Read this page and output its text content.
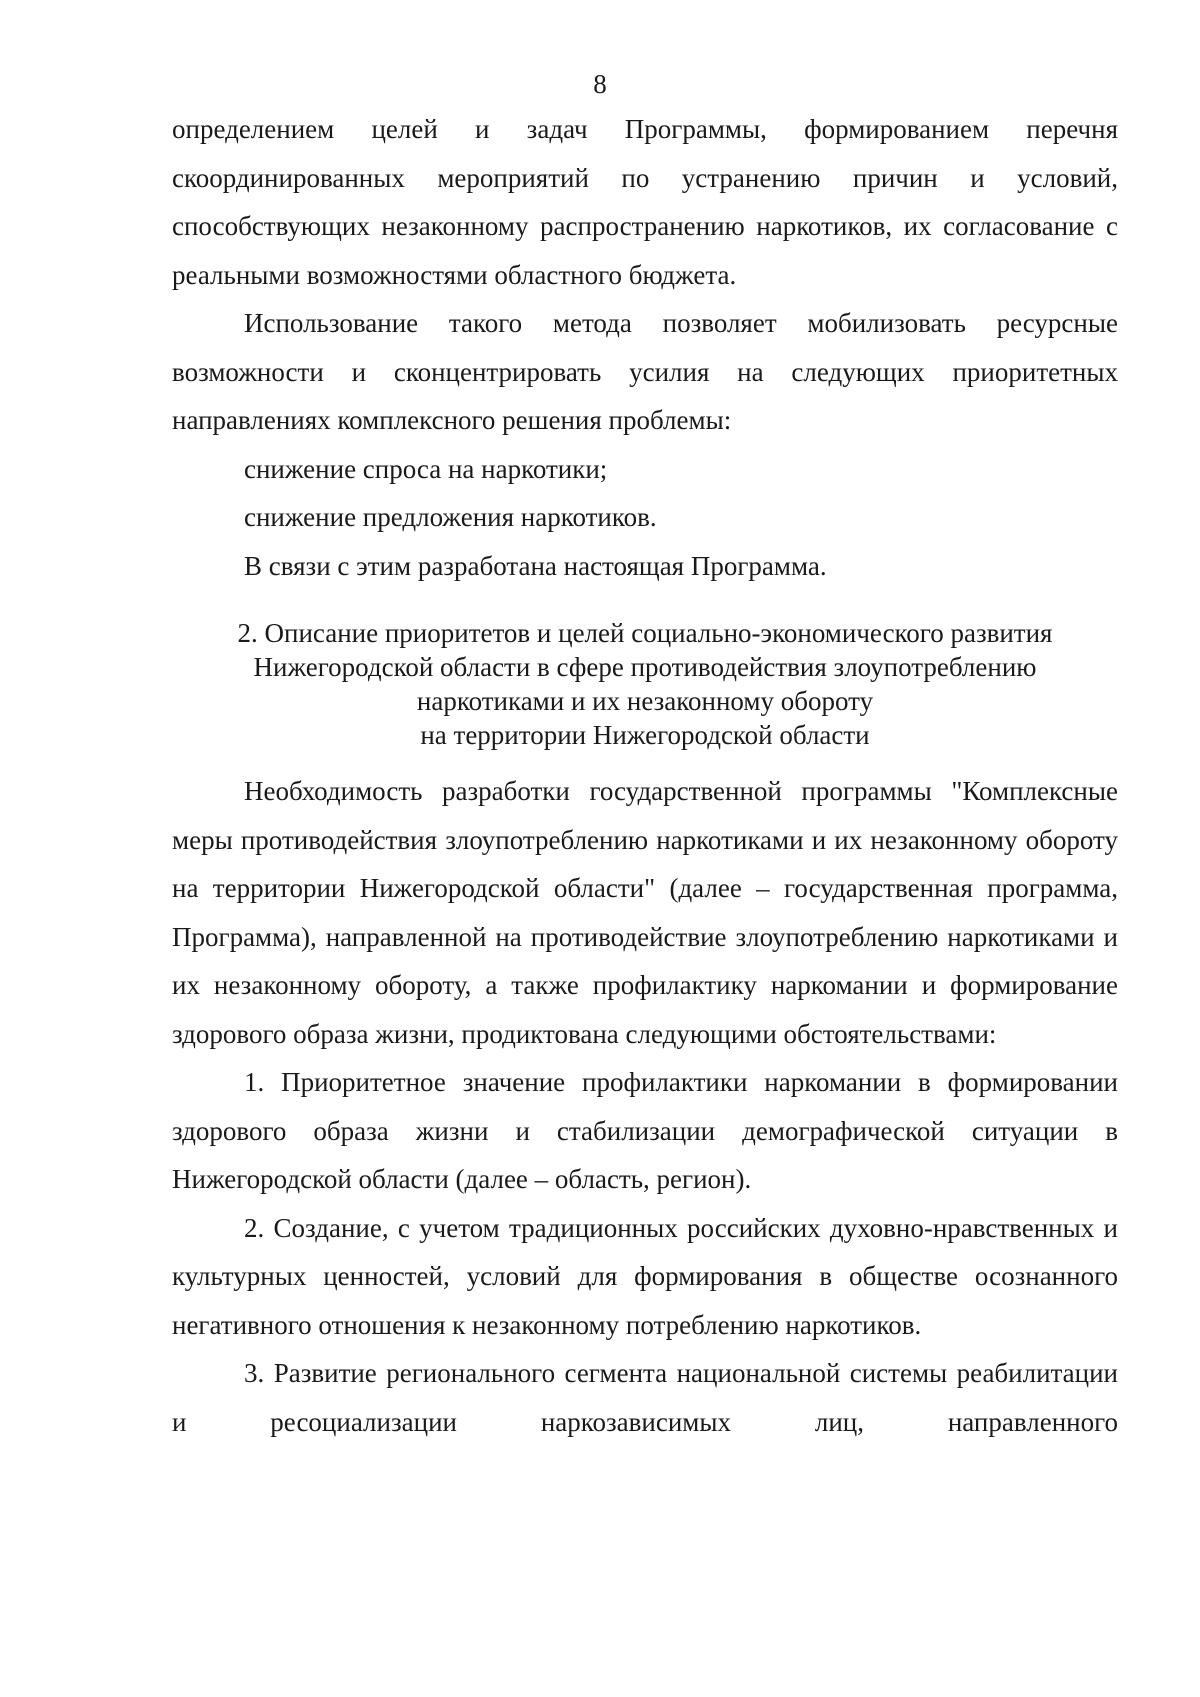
8

определением целей и задач Программы, формированием перечня скоординированных мероприятий по устранению причин и условий, способствующих незаконному распространению наркотиков, их согласование с реальными возможностями областного бюджета.

Использование такого метода позволяет мобилизовать ресурсные возможности и сконцентрировать усилия на следующих приоритетных направлениях комплексного решения проблемы:

снижение спроса на наркотики;

снижение предложения наркотиков.

В связи с этим разработана настоящая Программа.

2. Описание приоритетов и целей социально-экономического развития
Нижегородской области в сфере противодействия злоупотреблению
наркотиками и их незаконному обороту
на территории Нижегородской области

Необходимость разработки государственной программы "Комплексные меры противодействия злоупотреблению наркотиками и их незаконному обороту на территории Нижегородской области" (далее – государственная программа, Программа), направленной на противодействие злоупотреблению наркотиками и их незаконному обороту, а также профилактику наркомании и формирование здорового образа жизни, продиктована следующими обстоятельствами:

1. Приоритетное значение профилактики наркомании в формировании здорового образа жизни и стабилизации демографической ситуации в Нижегородской области (далее – область, регион).

2. Создание, с учетом традиционных российских духовно-нравственных и культурных ценностей, условий для формирования в обществе осознанного негативного отношения к незаконному потреблению наркотиков.

3. Развитие регионального сегмента национальной системы реабилитации и ресоциализации наркозависимых лиц, направленного
